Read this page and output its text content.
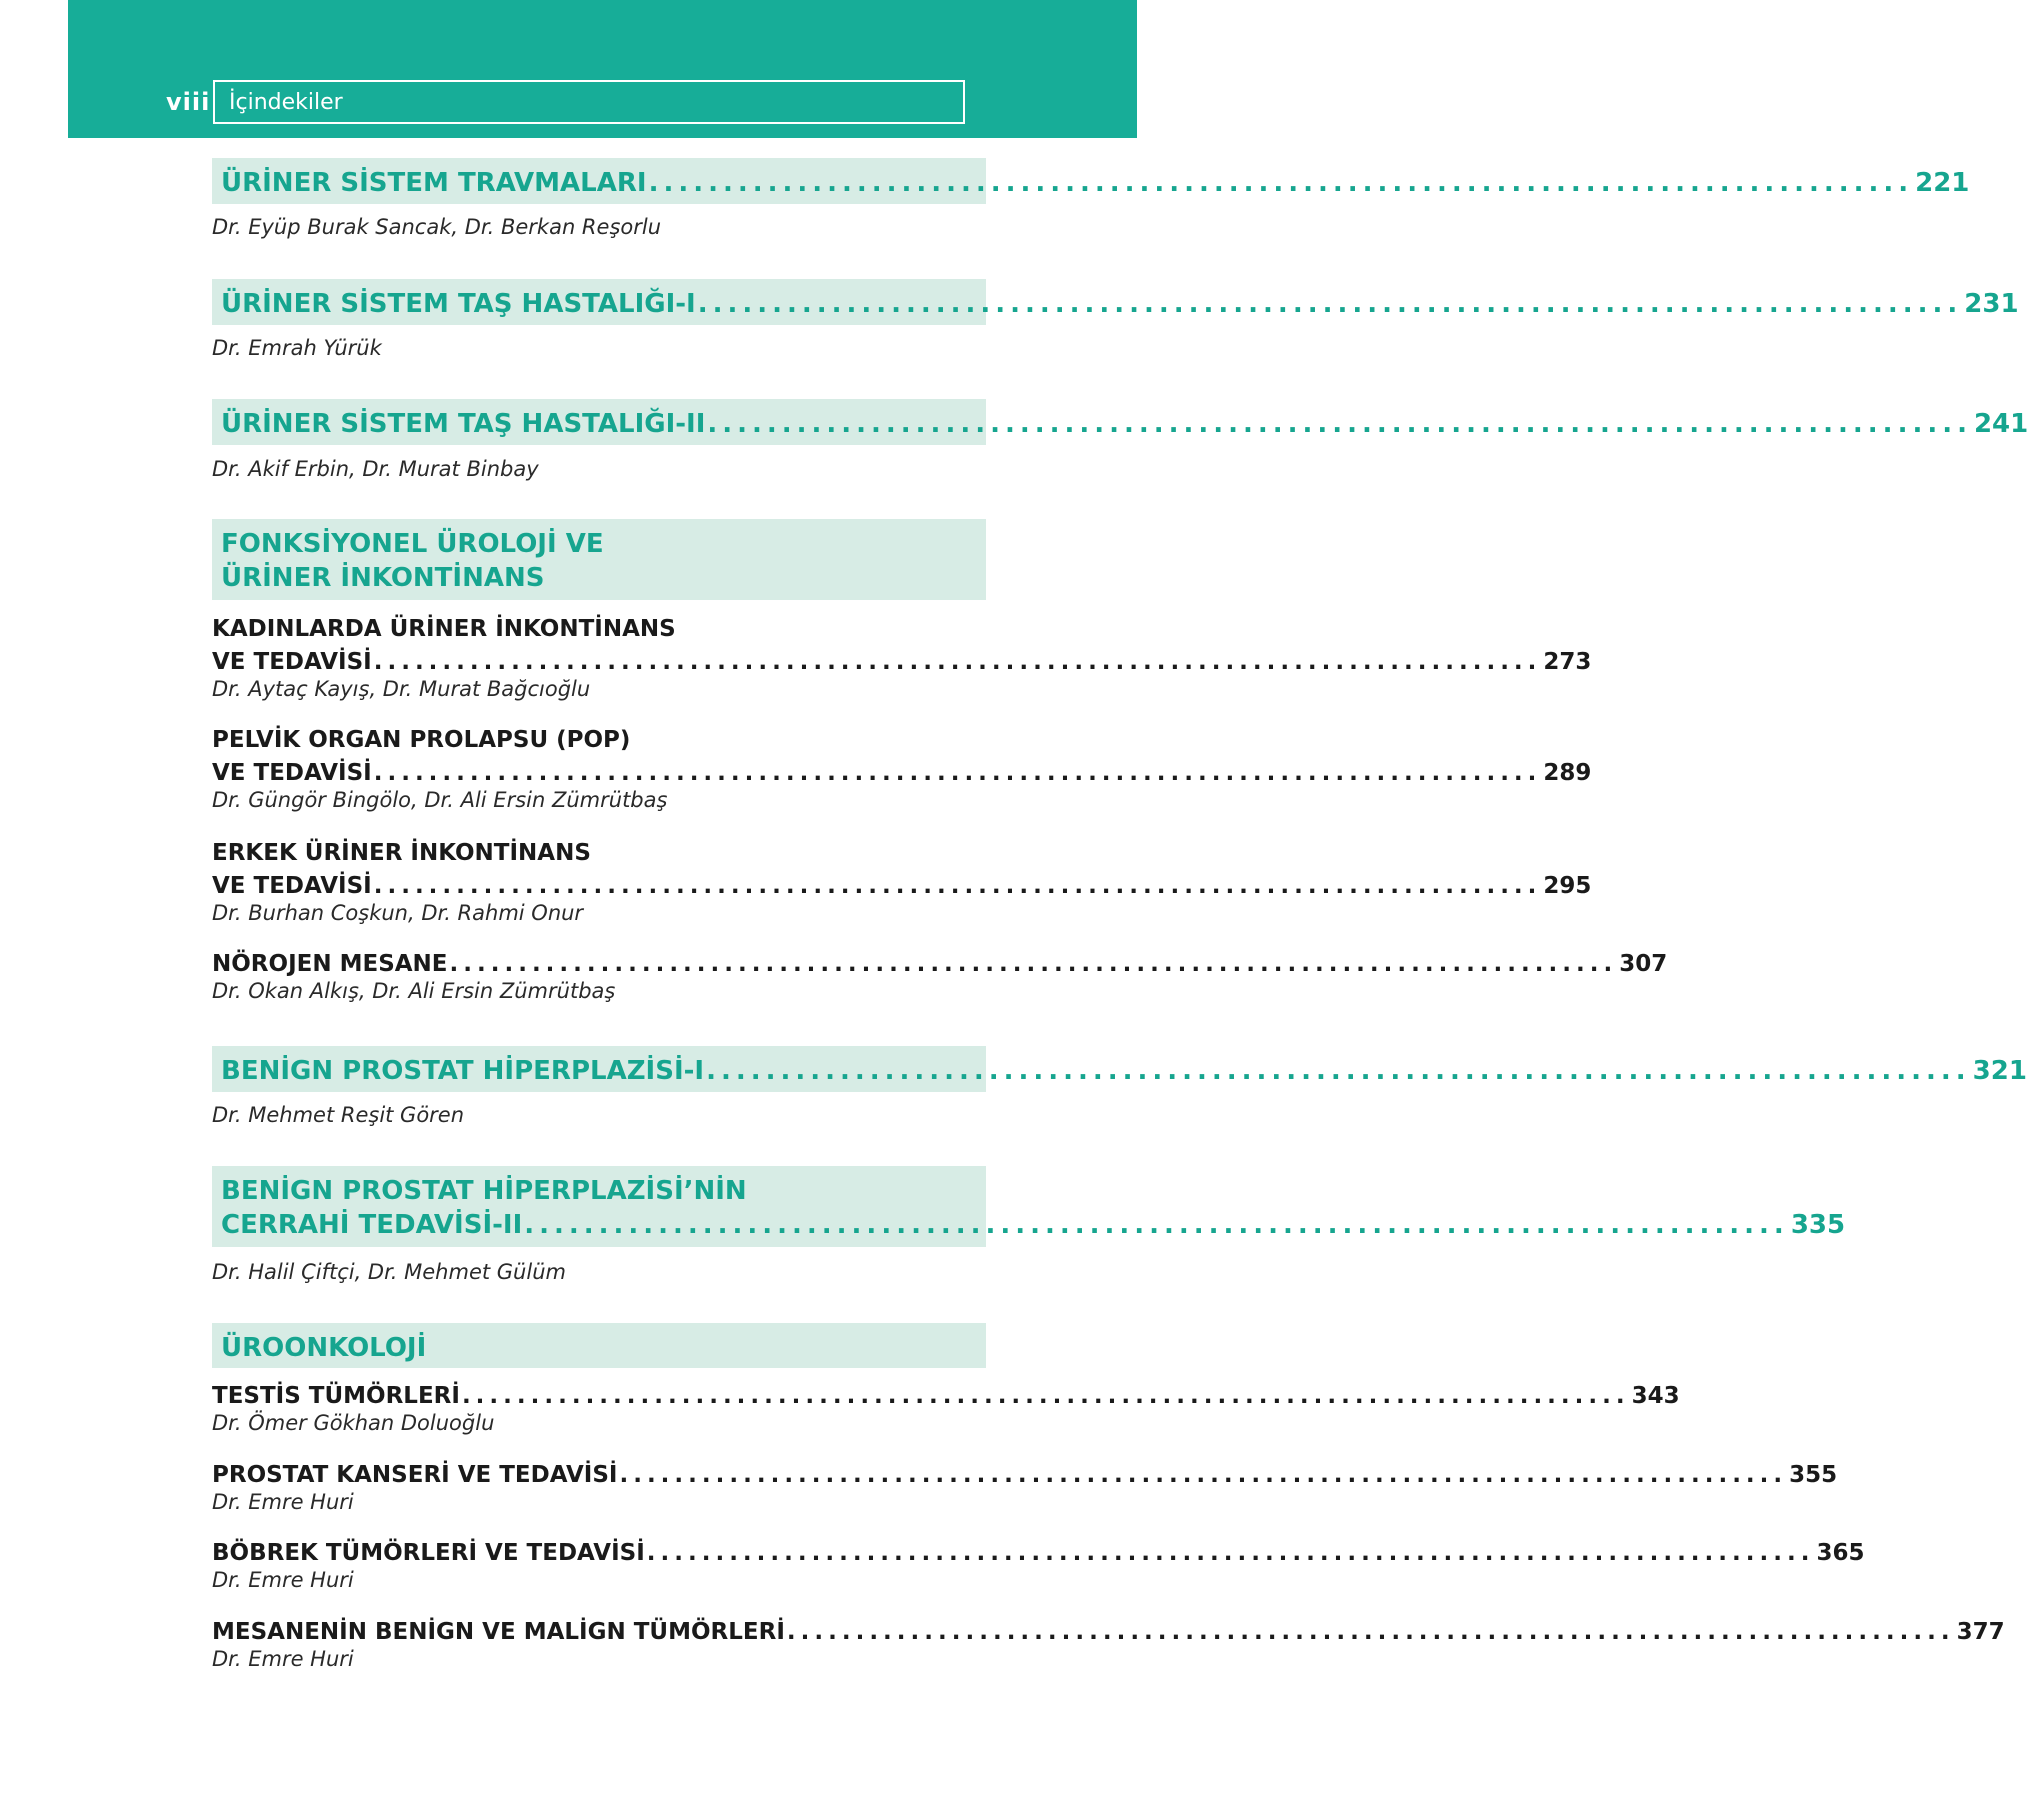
viii İçindekiler
ÜRİNER SİSTEM TRAVMALARI ..................................................................................... 221
Dr. Eyüp Burak Sancak, Dr. Berkan Reşorlu
ÜRİNER SİSTEM TAŞ HASTALIĞI-I ..................................................................................... 231
Dr. Emrah Yürük
ÜRİNER SİSTEM TAŞ HASTALIĞI-II ..................................................................................... 241
Dr. Akif Erbin, Dr. Murat Binbay
FONKSİYONEL ÜROLOJİ VE
ÜRİNER İNKONTİNANS
KADINLARDA ÜRİNER İNKONTİNANS
VE TEDAVİSİ ..................................................................................... 273
Dr. Aytaç Kayış, Dr. Murat Bağcıoğlu
PELVİK ORGAN PROLAPSU (POP)
VE TEDAVİSİ ..................................................................................... 289
Dr. Güngör Bingölo, Dr. Ali Ersin Zümrütbaş
ERKEK ÜRİNER İNKONTİNANS
VE TEDAVİSİ ..................................................................................... 295
Dr. Burhan Coşkun, Dr. Rahmi Onur
NÖROJEN MESANE ..................................................................................... 307
Dr. Okan Alkış, Dr. Ali Ersin Zümrütbaş
BENİGN PROSTAT HİPERPLAZİSİ-I ..................................................................................... 321
Dr. Mehmet Reşit Gören
BENİGN PROSTAT HİPERPLAZİSİ’NİN
CERRAHİ TEDAVİSİ-II ..................................................................................... 335
Dr. Halil Çiftçi, Dr. Mehmet Gülüm
ÜROONKOLOJİ
TESTİS TÜMÖRLERİ ..................................................................................... 343
Dr. Ömer Gökhan Doluoğlu
PROSTAT KANSERİ VE TEDAVİSİ ..................................................................................... 355
Dr. Emre Huri
BÖBREK TÜMÖRLERİ VE TEDAVİSİ ..................................................................................... 365
Dr. Emre Huri
MESANENİN BENİGN VE MALİGN TÜMÖRLERİ ..................................................................................... 377
Dr. Emre Huri
